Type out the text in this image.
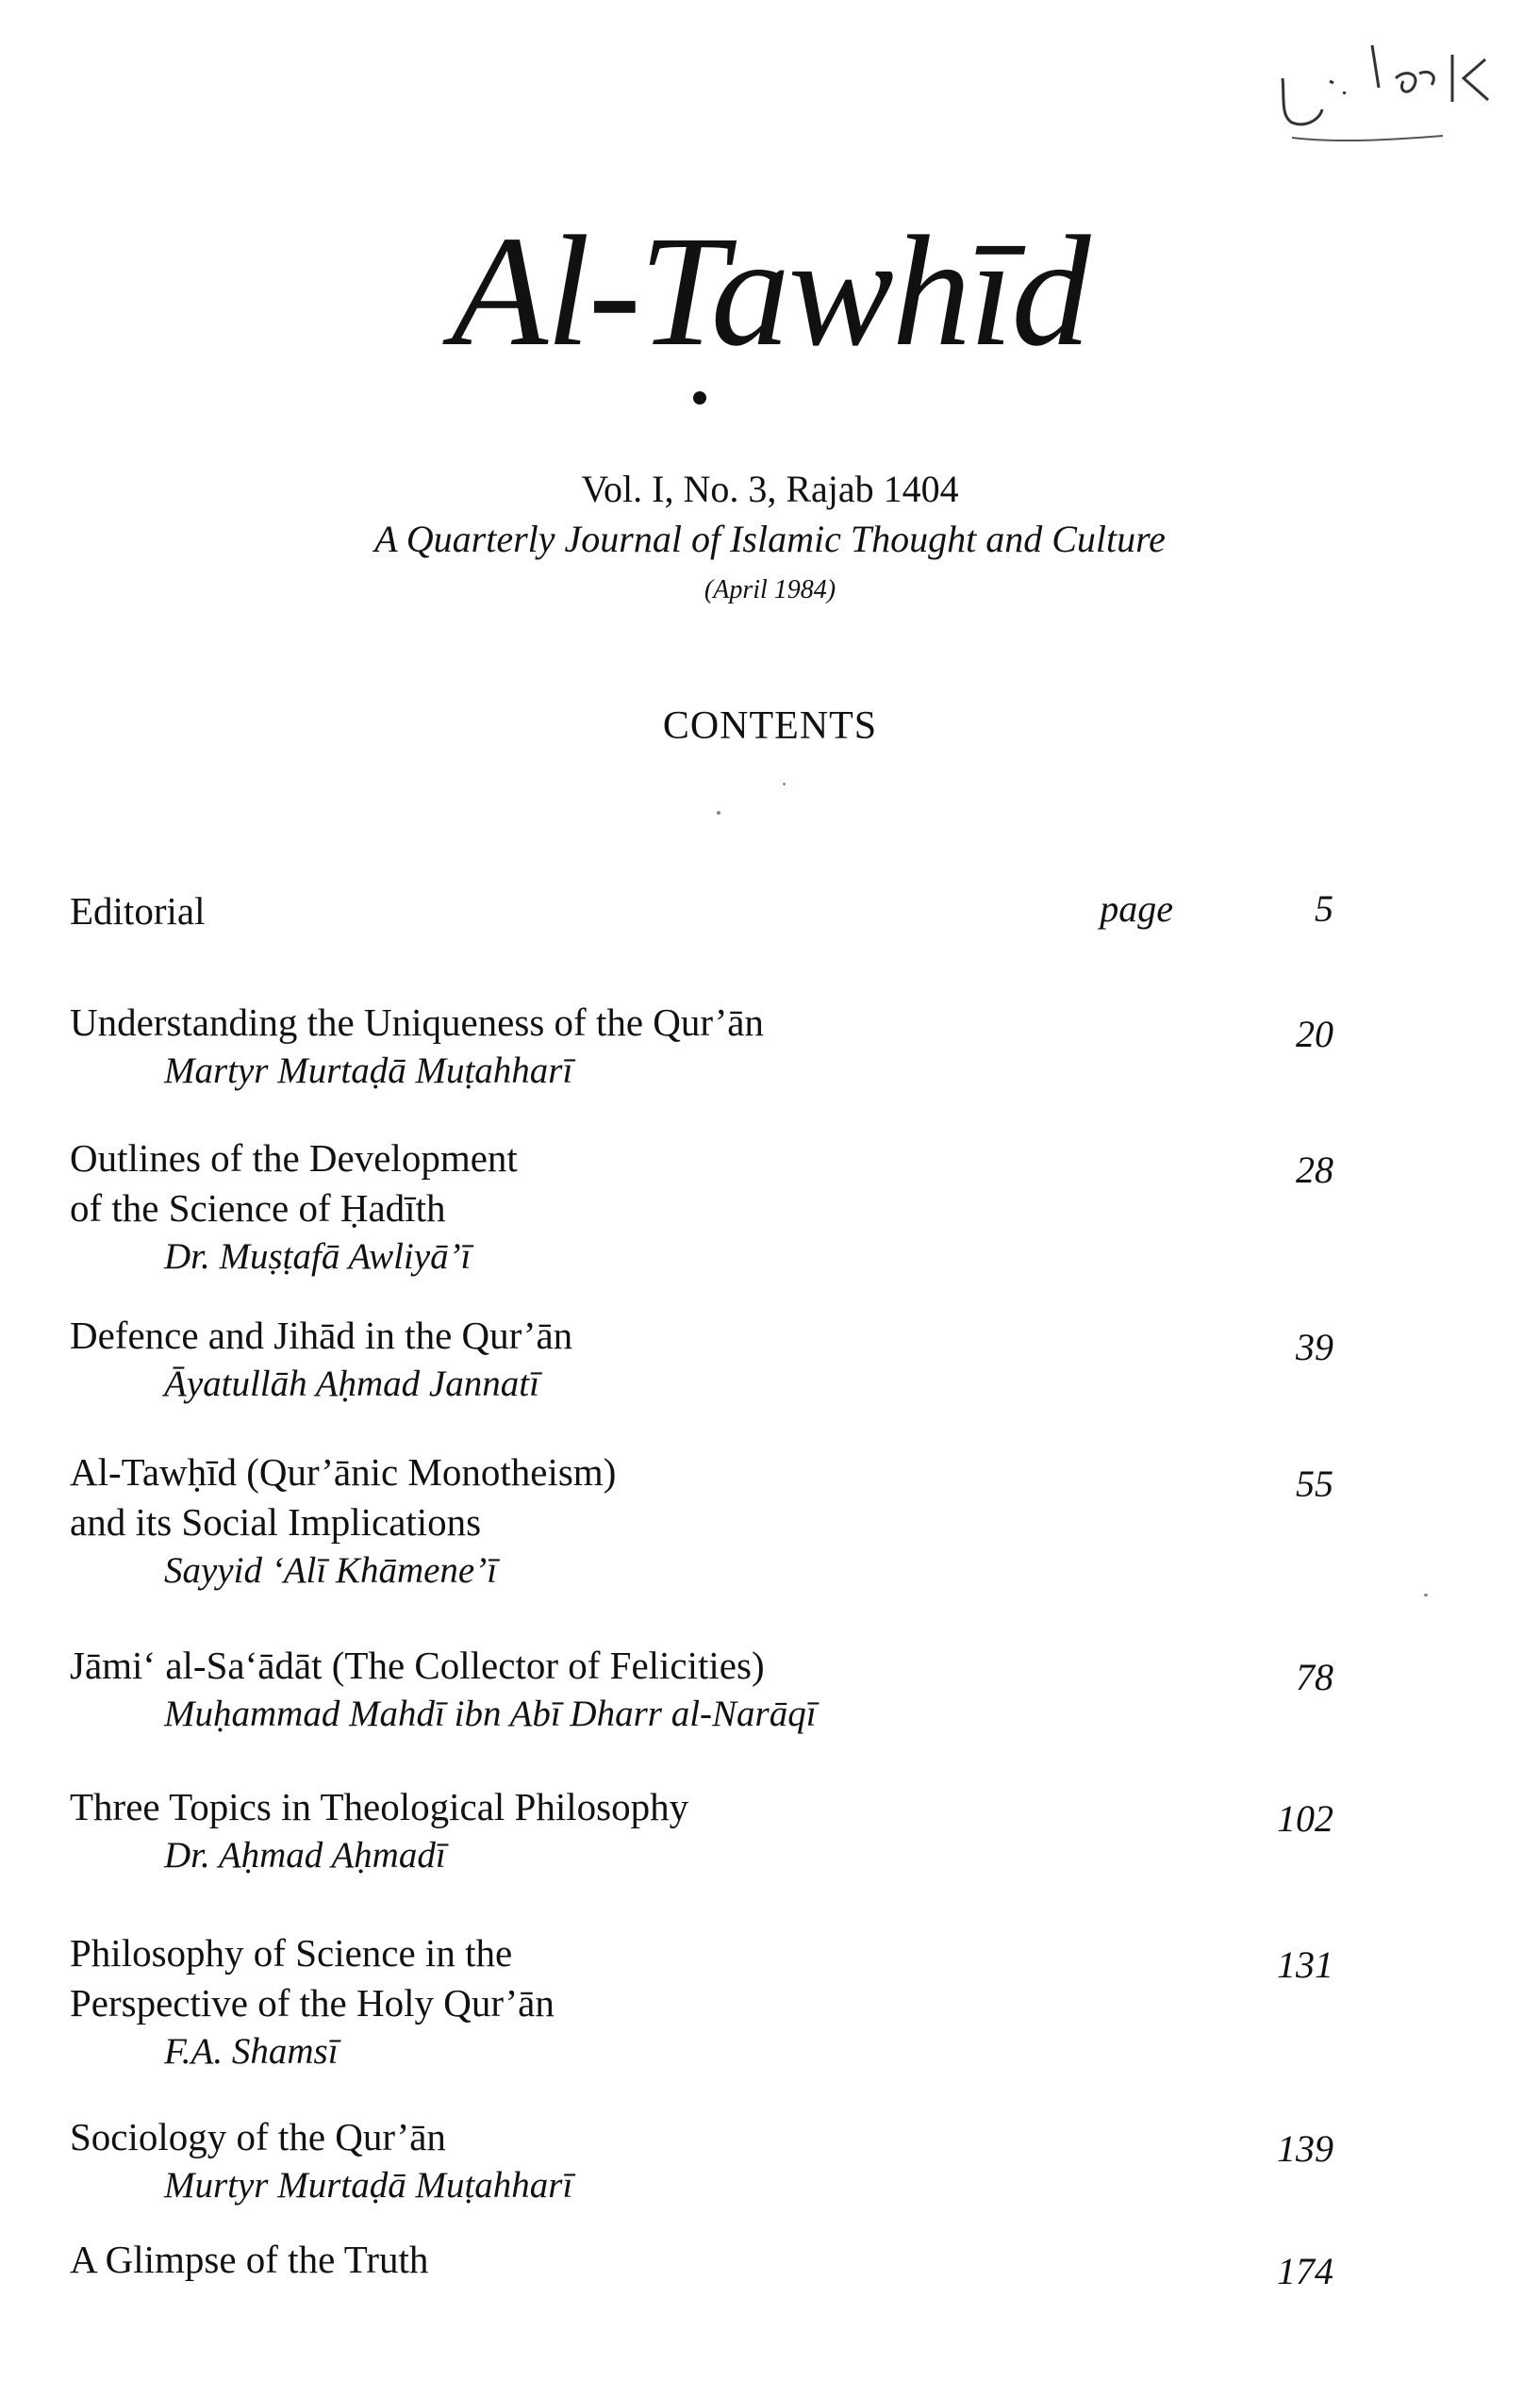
Al-Tawhīd
Vol. I, No. 3, Rajab 1404
A Quarterly Journal of Islamic Thought and Culture
(April 1984)
CONTENTS
Editorial	page	5
Understanding the Uniqueness of the Qur’ān
Martyr Murtaḍā Muṭahharī
20
Outlines of the Development
of the Science of Ḥadīth
Dr. Muṣṭafā Awliyā’ī
28
Defence and Jihād in the Qur’ān
Āyatullāh Aḥmad Jannatī
39
Al-Tawḥīd (Qur’ānic Monotheism)
and its Social Implications
Sayyid ‘Alī Khāmene’ī
55
Jāmi‘ al-Sa‘ādāt (The Collector of Felicities)
Muḥammad Mahdī ibn Abī Dharr al-Narāqī
78
Three Topics in Theological Philosophy
Dr. Aḥmad Aḥmadī
102
Philosophy of Science in the
Perspective of the Holy Qur’ān
F.A. Shamsī
131
Sociology of the Qur’ān
Murtyr Murtaḍā Muṭahharī
139
A Glimpse of the Truth	174
